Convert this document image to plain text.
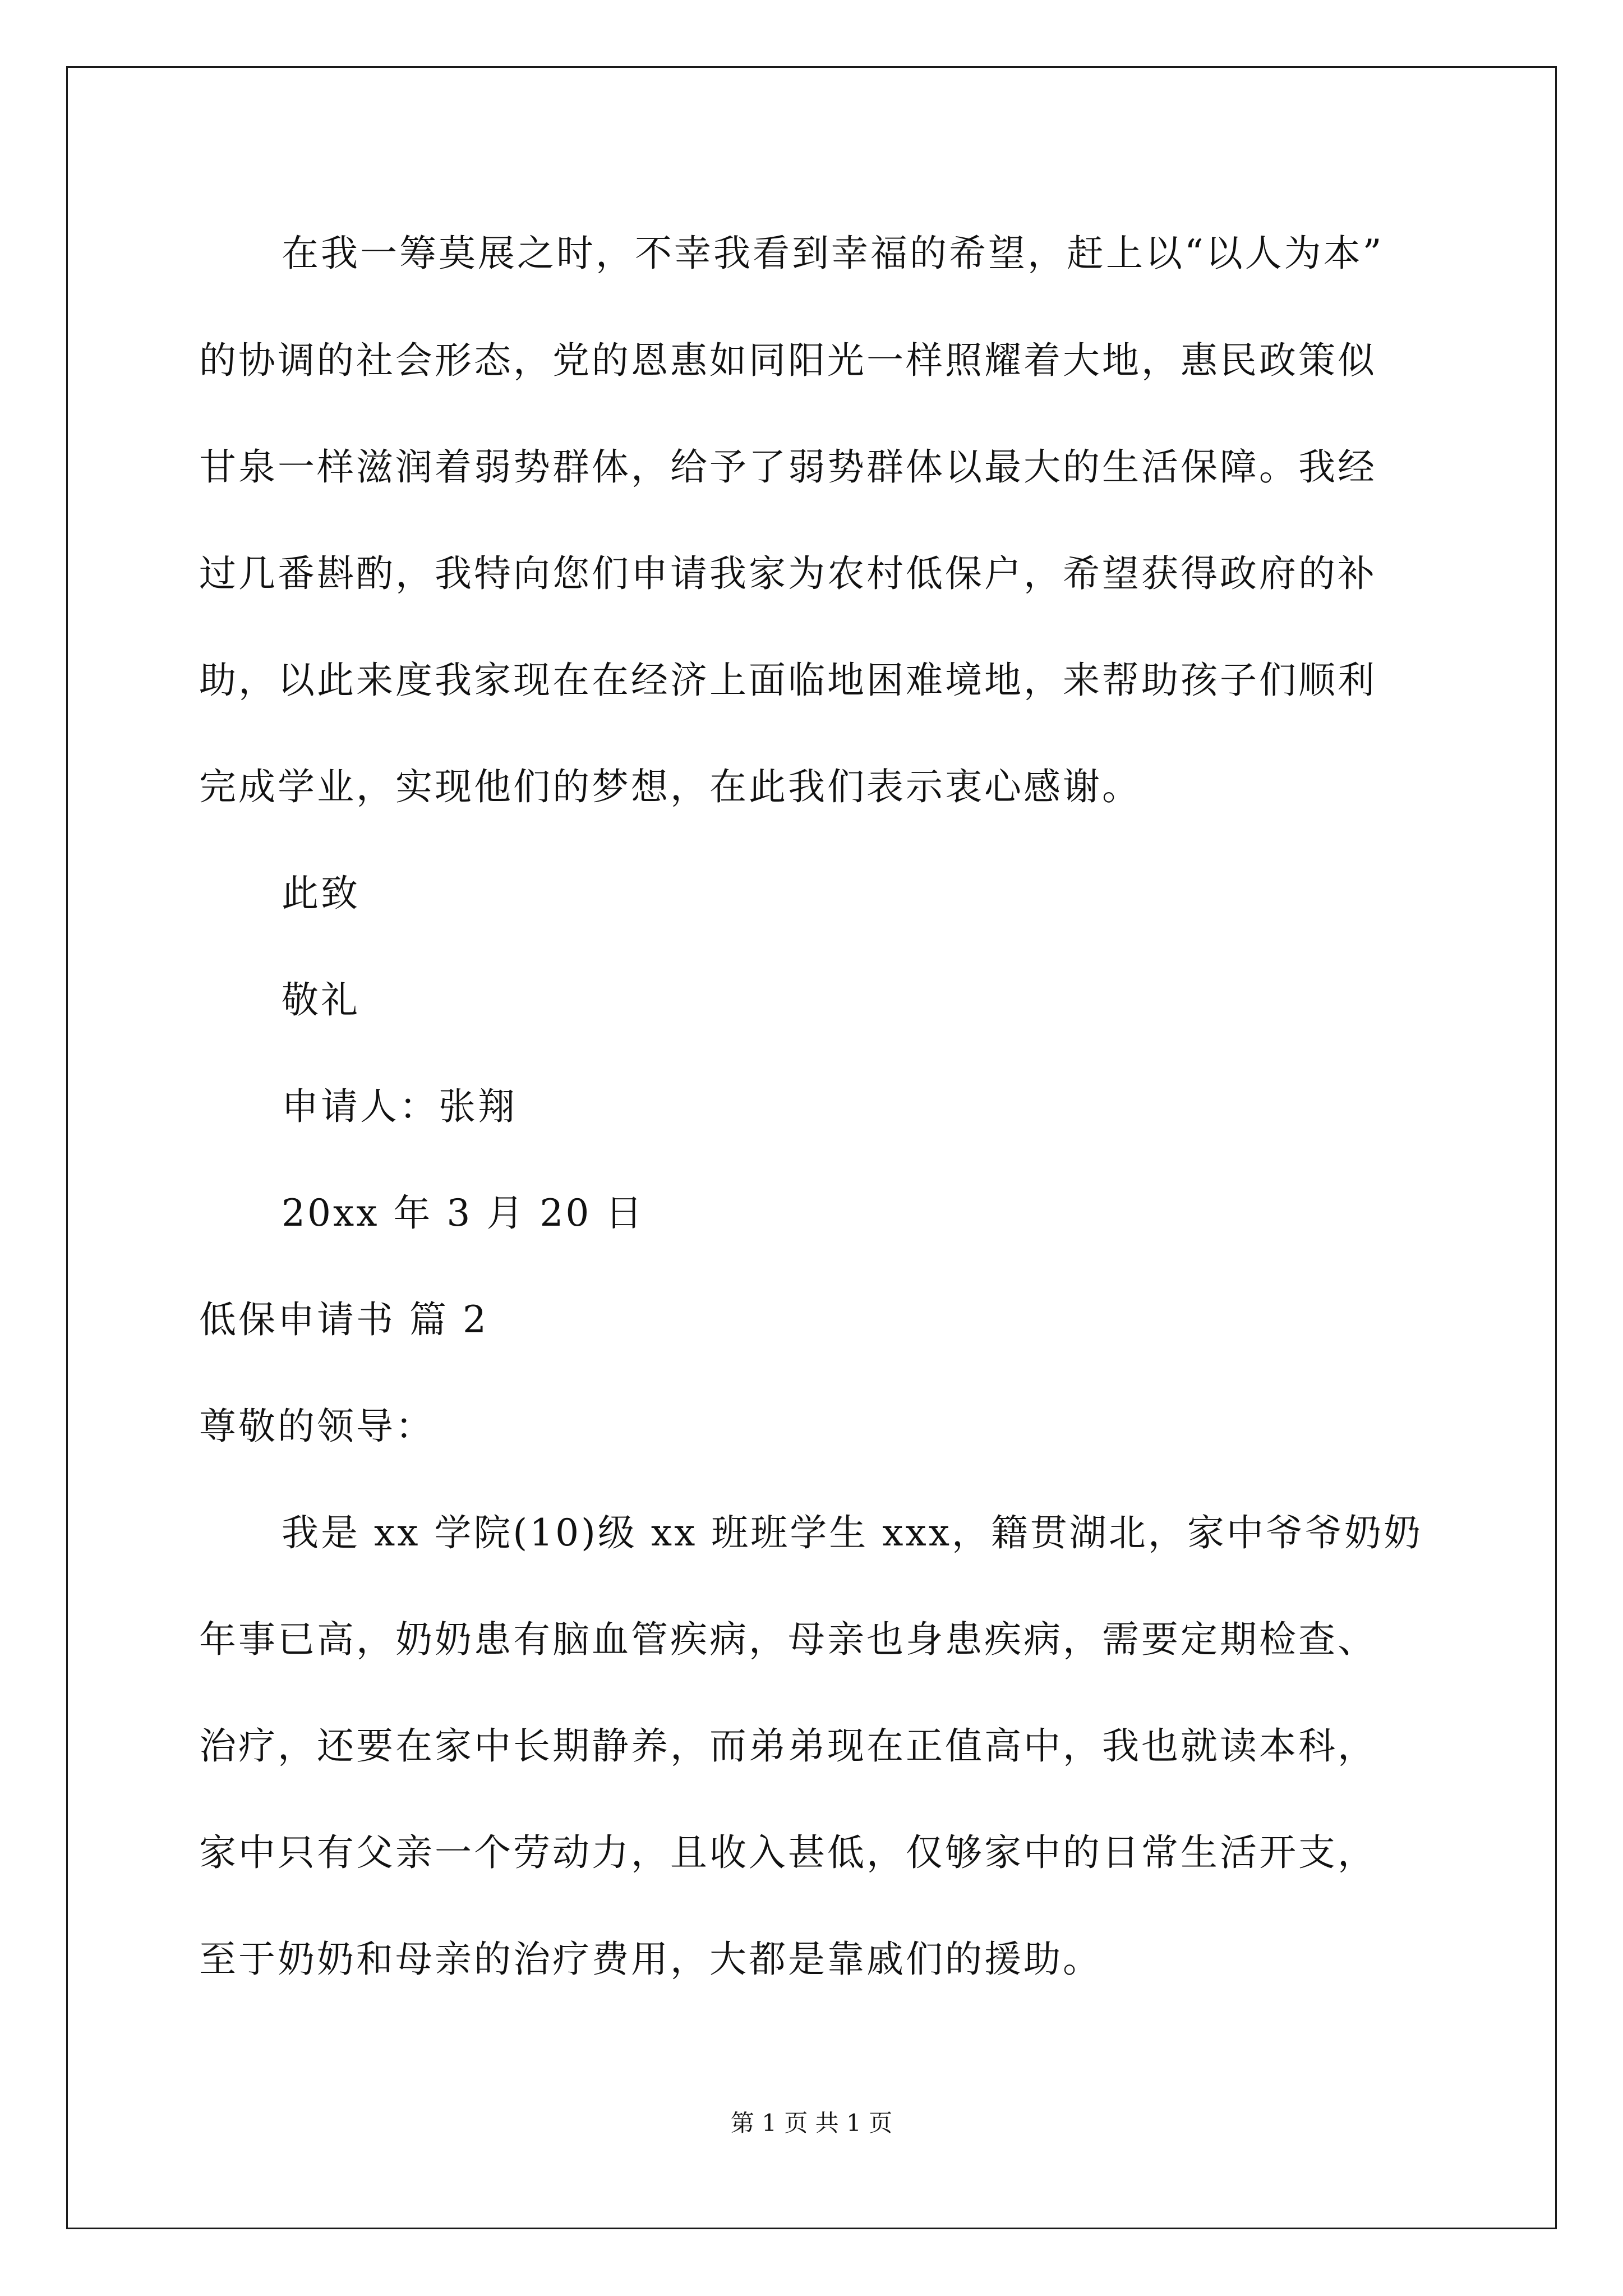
在我一筹莫展之时，不幸我看到幸福的希望，赶上以“以人为本”
的协调的社会形态，党的恩惠如同阳光一样照耀着大地，惠民政策似
甘泉一样滋润着弱势群体，给予了弱势群体以最大的生活保障。我经
过几番斟酌，我特向您们申请我家为农村低保户，希望获得政府的补
助，以此来度我家现在在经济上面临地困难境地，来帮助孩子们顺利
完成学业，实现他们的梦想，在此我们表示衷心感谢。
此致
敬礼
申请人：张翔
20xx 年 3 月 20 日
低保申请书 篇 2
尊敬的领导：
我是 xx 学院(10)级 xx 班班学生 xxx，籍贯湖北，家中爷爷奶奶
年事已高，奶奶患有脑血管疾病，母亲也身患疾病，需要定期检查、
治疗，还要在家中长期静养，而弟弟现在正值高中，我也就读本科，
家中只有父亲一个劳动力，且收入甚低，仅够家中的日常生活开支，
至于奶奶和母亲的治疗费用，大都是靠戚们的援助。
第 1 页 共 1 页
